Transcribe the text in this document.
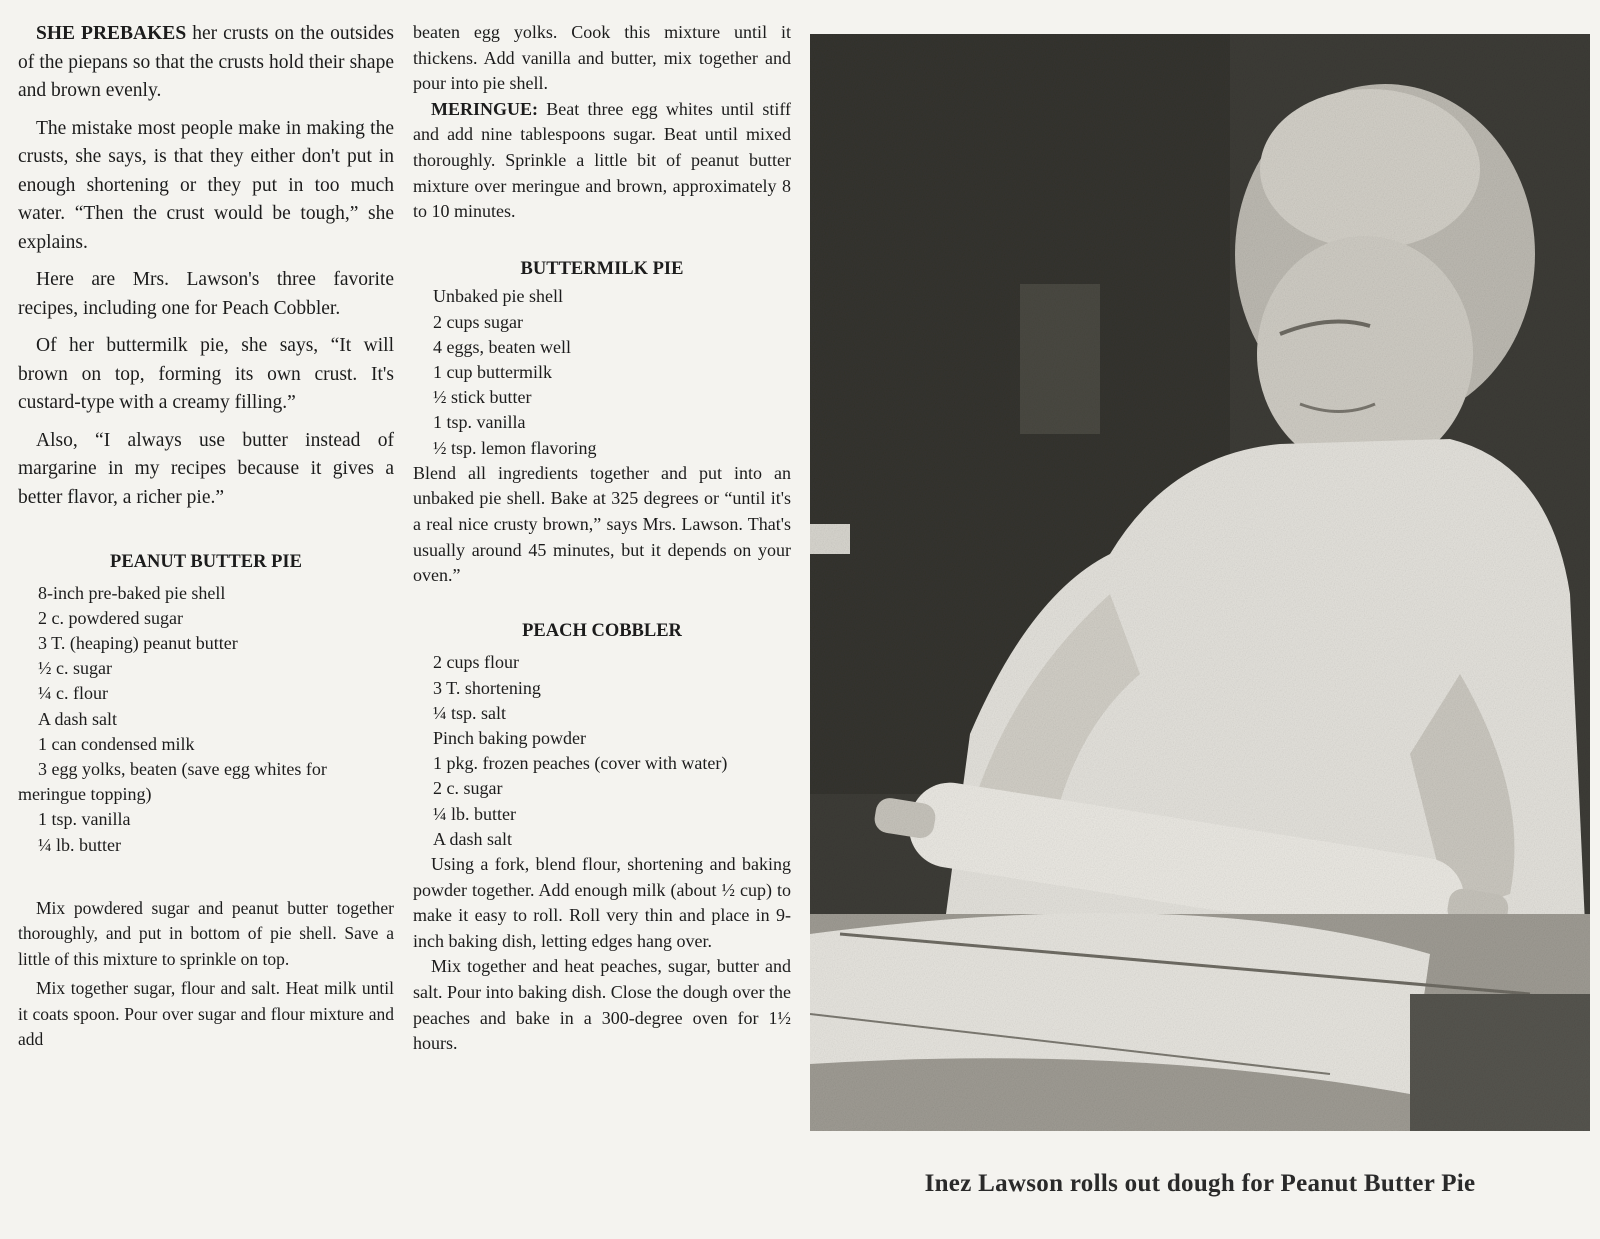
SHE PREBAKES her crusts on the outsides of the piepans so that the crusts hold their shape and brown evenly.

The mistake most people make in making the crusts, she says, is that they either don't put in enough shortening or they put in too much water. “Then the crust would be tough,” she explains.

Here are Mrs. Lawson's three favorite recipes, including one for Peach Cobbler.

Of her buttermilk pie, she says, “It will brown on top, forming its own crust. It's custard-type with a creamy filling.”

Also, “I always use butter instead of margarine in my recipes because it gives a better flavor, a richer pie.”

PEANUT BUTTER PIE
8-inch pre-baked pie shell
2 c. powdered sugar
3 T. (heaping) peanut butter
½ c. sugar
¼ c. flour
A dash salt
1 can condensed milk
3 egg yolks, beaten (save egg whites for meringue topping)
1 tsp. vanilla
¼ lb. butter

Mix powdered sugar and peanut butter together thoroughly, and put in bottom of pie shell. Save a little of this mixture to sprinkle on top.

Mix together sugar, flour and salt. Heat milk until it coats spoon. Pour over sugar and flour mixture and add

beaten egg yolks. Cook this mixture until it thickens. Add vanilla and butter, mix together and pour into pie shell.

MERINGUE: Beat three egg whites until stiff and add nine tablespoons sugar. Beat until mixed thoroughly. Sprinkle a little bit of peanut butter mixture over meringue and brown, approximately 8 to 10 minutes.

BUTTERMILK PIE
Unbaked pie shell
2 cups sugar
4 eggs, beaten well
1 cup buttermilk
½ stick butter
1 tsp. vanilla
½ tsp. lemon flavoring

Blend all ingredients together and put into an unbaked pie shell. Bake at 325 degrees or “until it's a real nice crusty brown,” says Mrs. Lawson. That's usually around 45 minutes, but it depends on your oven.”

PEACH COBBLER
2 cups flour
3 T. shortening
¼ tsp. salt
Pinch baking powder
1 pkg. frozen peaches (cover with water)
2 c. sugar
¼ lb. butter
A dash salt

Using a fork, blend flour, shortening and baking powder together. Add enough milk (about ½ cup) to make it easy to roll. Roll very thin and place in 9-inch baking dish, letting edges hang over.

Mix together and heat peaches, sugar, butter and salt. Pour into baking dish. Close the dough over the peaches and bake in a 300-degree oven for 1½ hours.

Inez Lawson rolls out dough for Peanut Butter Pie
